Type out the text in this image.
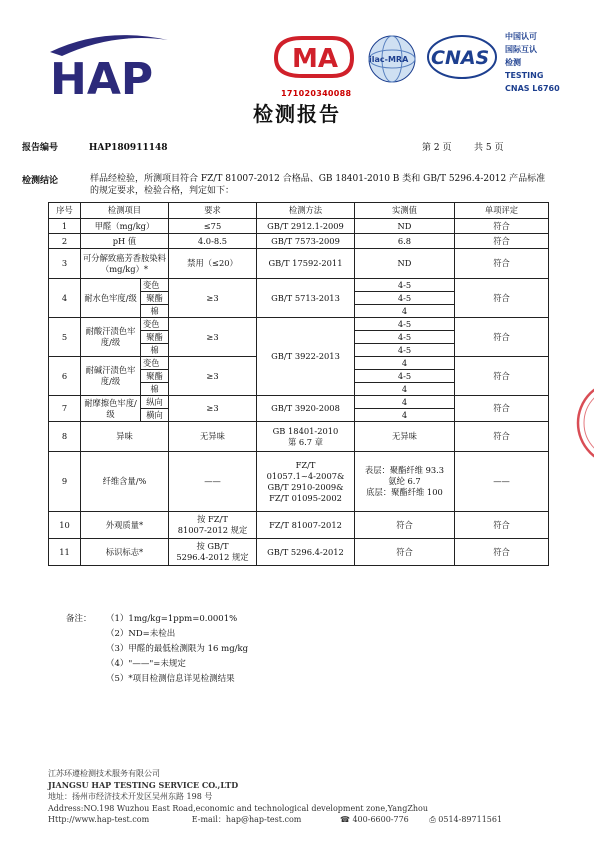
HAP	MA	ilac-MRA CNAS
中国认可
国际互认
检测
TESTING
CNAS L6760
171020340088
检测报告
报告编号	HAP180911148	第 2 页	共 5 页
检测结论	样品经检验，所测项目符合 FZ/T 81007-2012 合格品、GB 18401-2010 B 类和 GB/T 5296.4-2012 产品标准的规定要求，检验合格，判定如下：
序号	检测项目		要求	检测方法	实测值	单项评定
1	甲醛（mg/kg）		≤75	GB/T 2912.1-2009	ND	符合
2	pH 值		4.0-8.5	GB/T 7573-2009	6.8	符合
3	可分解致癌芳香胺染料
（mg/kg）*		禁用（≤20）	GB/T 17592-2011	ND	符合
4	耐水色牢度/级	变色	≥3	GB/T 5713-2013	4-5	符合
		聚酯			4-5	
		棉			4	
5	耐酸汗渍色牢度/级	变色	≥3	GB/T 3922-2013	4-5	符合
		聚酯			4-5	
		棉			4-5	
6	耐碱汗渍色牢度/级	变色	≥3		4	符合
		聚酯			4-5	
		棉			4	
7	耐摩擦色牢度/级	纵向	≥3	GB/T 3920-2008	4	符合
		横向			4	
8	异味		无异味	GB 18401-2010
第 6.7 章	无异味	符合
9	纤维含量/%		——	FZ/T
01057.1~4-2007&
GB/T 2910-2009&
FZ/T 01095-2002	表层：聚酯纤维 93.3
氨纶 6.7
底层：聚酯纤维 100	——
10	外观质量*		按 FZ/T
81007-2012 规定	FZ/T 81007-2012	符合	符合
11	标识标志*		按 GB/T
5296.4-2012 规定	GB/T 5296.4-2012	符合	符合
备注： （1）1mg/kg=1ppm=0.0001%
（2）ND=未检出
（3）甲醛的最低检测限为 16 mg/kg
（4）"——"=未规定
（5）*项目检测信息详见检测结果
江苏环遵检测技术服务有限公司
JIANGSU HAP TESTING SERVICE CO.,LTD
地址：扬州市经济技术开发区吴州东路 198 号
Address:NO.198 Wuzhou East Road,economic and technological development zone,YangZhou
Http://www.hap-test.com	E-mail：hap@hap-test.com	☎ 400-6600-776	⎙ 0514-89711561
